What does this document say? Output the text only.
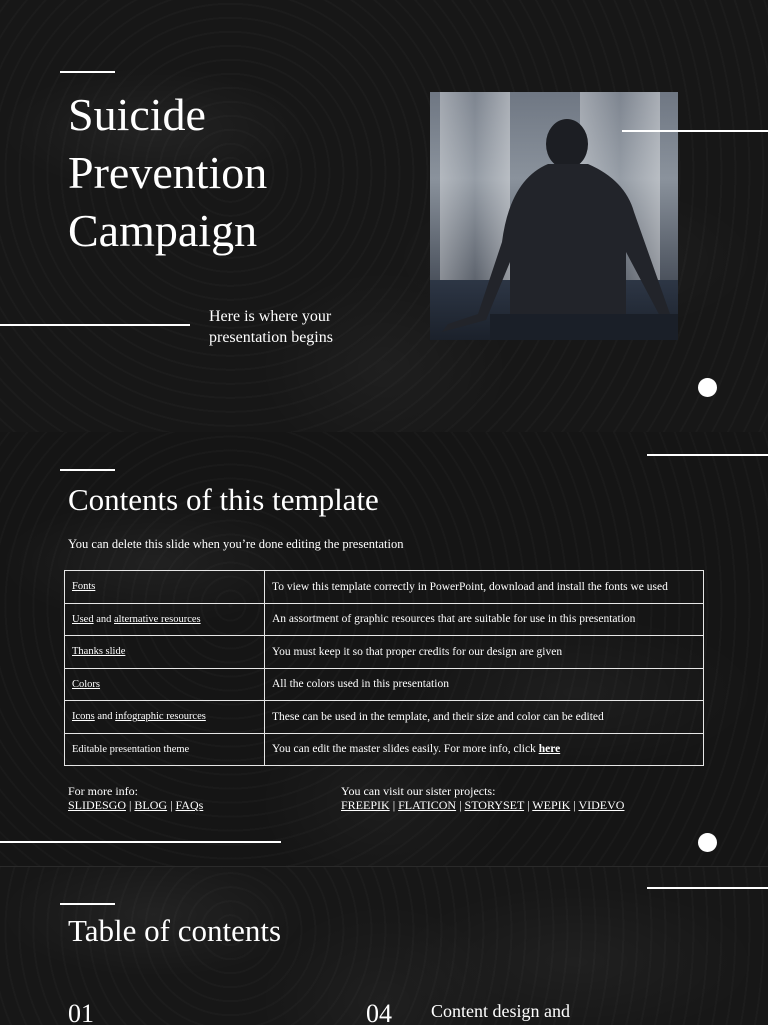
Suicide
Prevention
Campaign

Here is where your
presentation begins

Contents of this template

You can delete this slide when you’re done editing the presentation

Fonts	To view this template correctly in PowerPoint, download and install the fonts we used
Used and alternative resources	An assortment of graphic resources that are suitable for use in this presentation
Thanks slide	You must keep it so that proper credits for our design are given
Colors	All the colors used in this presentation
Icons and infographic resources	These can be used in the template, and their size and color can be edited
Editable presentation theme	You can edit the master slides easily. For more info, click here

For more info:
SLIDESGO | BLOG | FAQs

You can visit our sister projects:
FREEPIK | FLATICON | STORYSET | WEPIK | VIDEVO

Table of contents

01	04 Content design and
